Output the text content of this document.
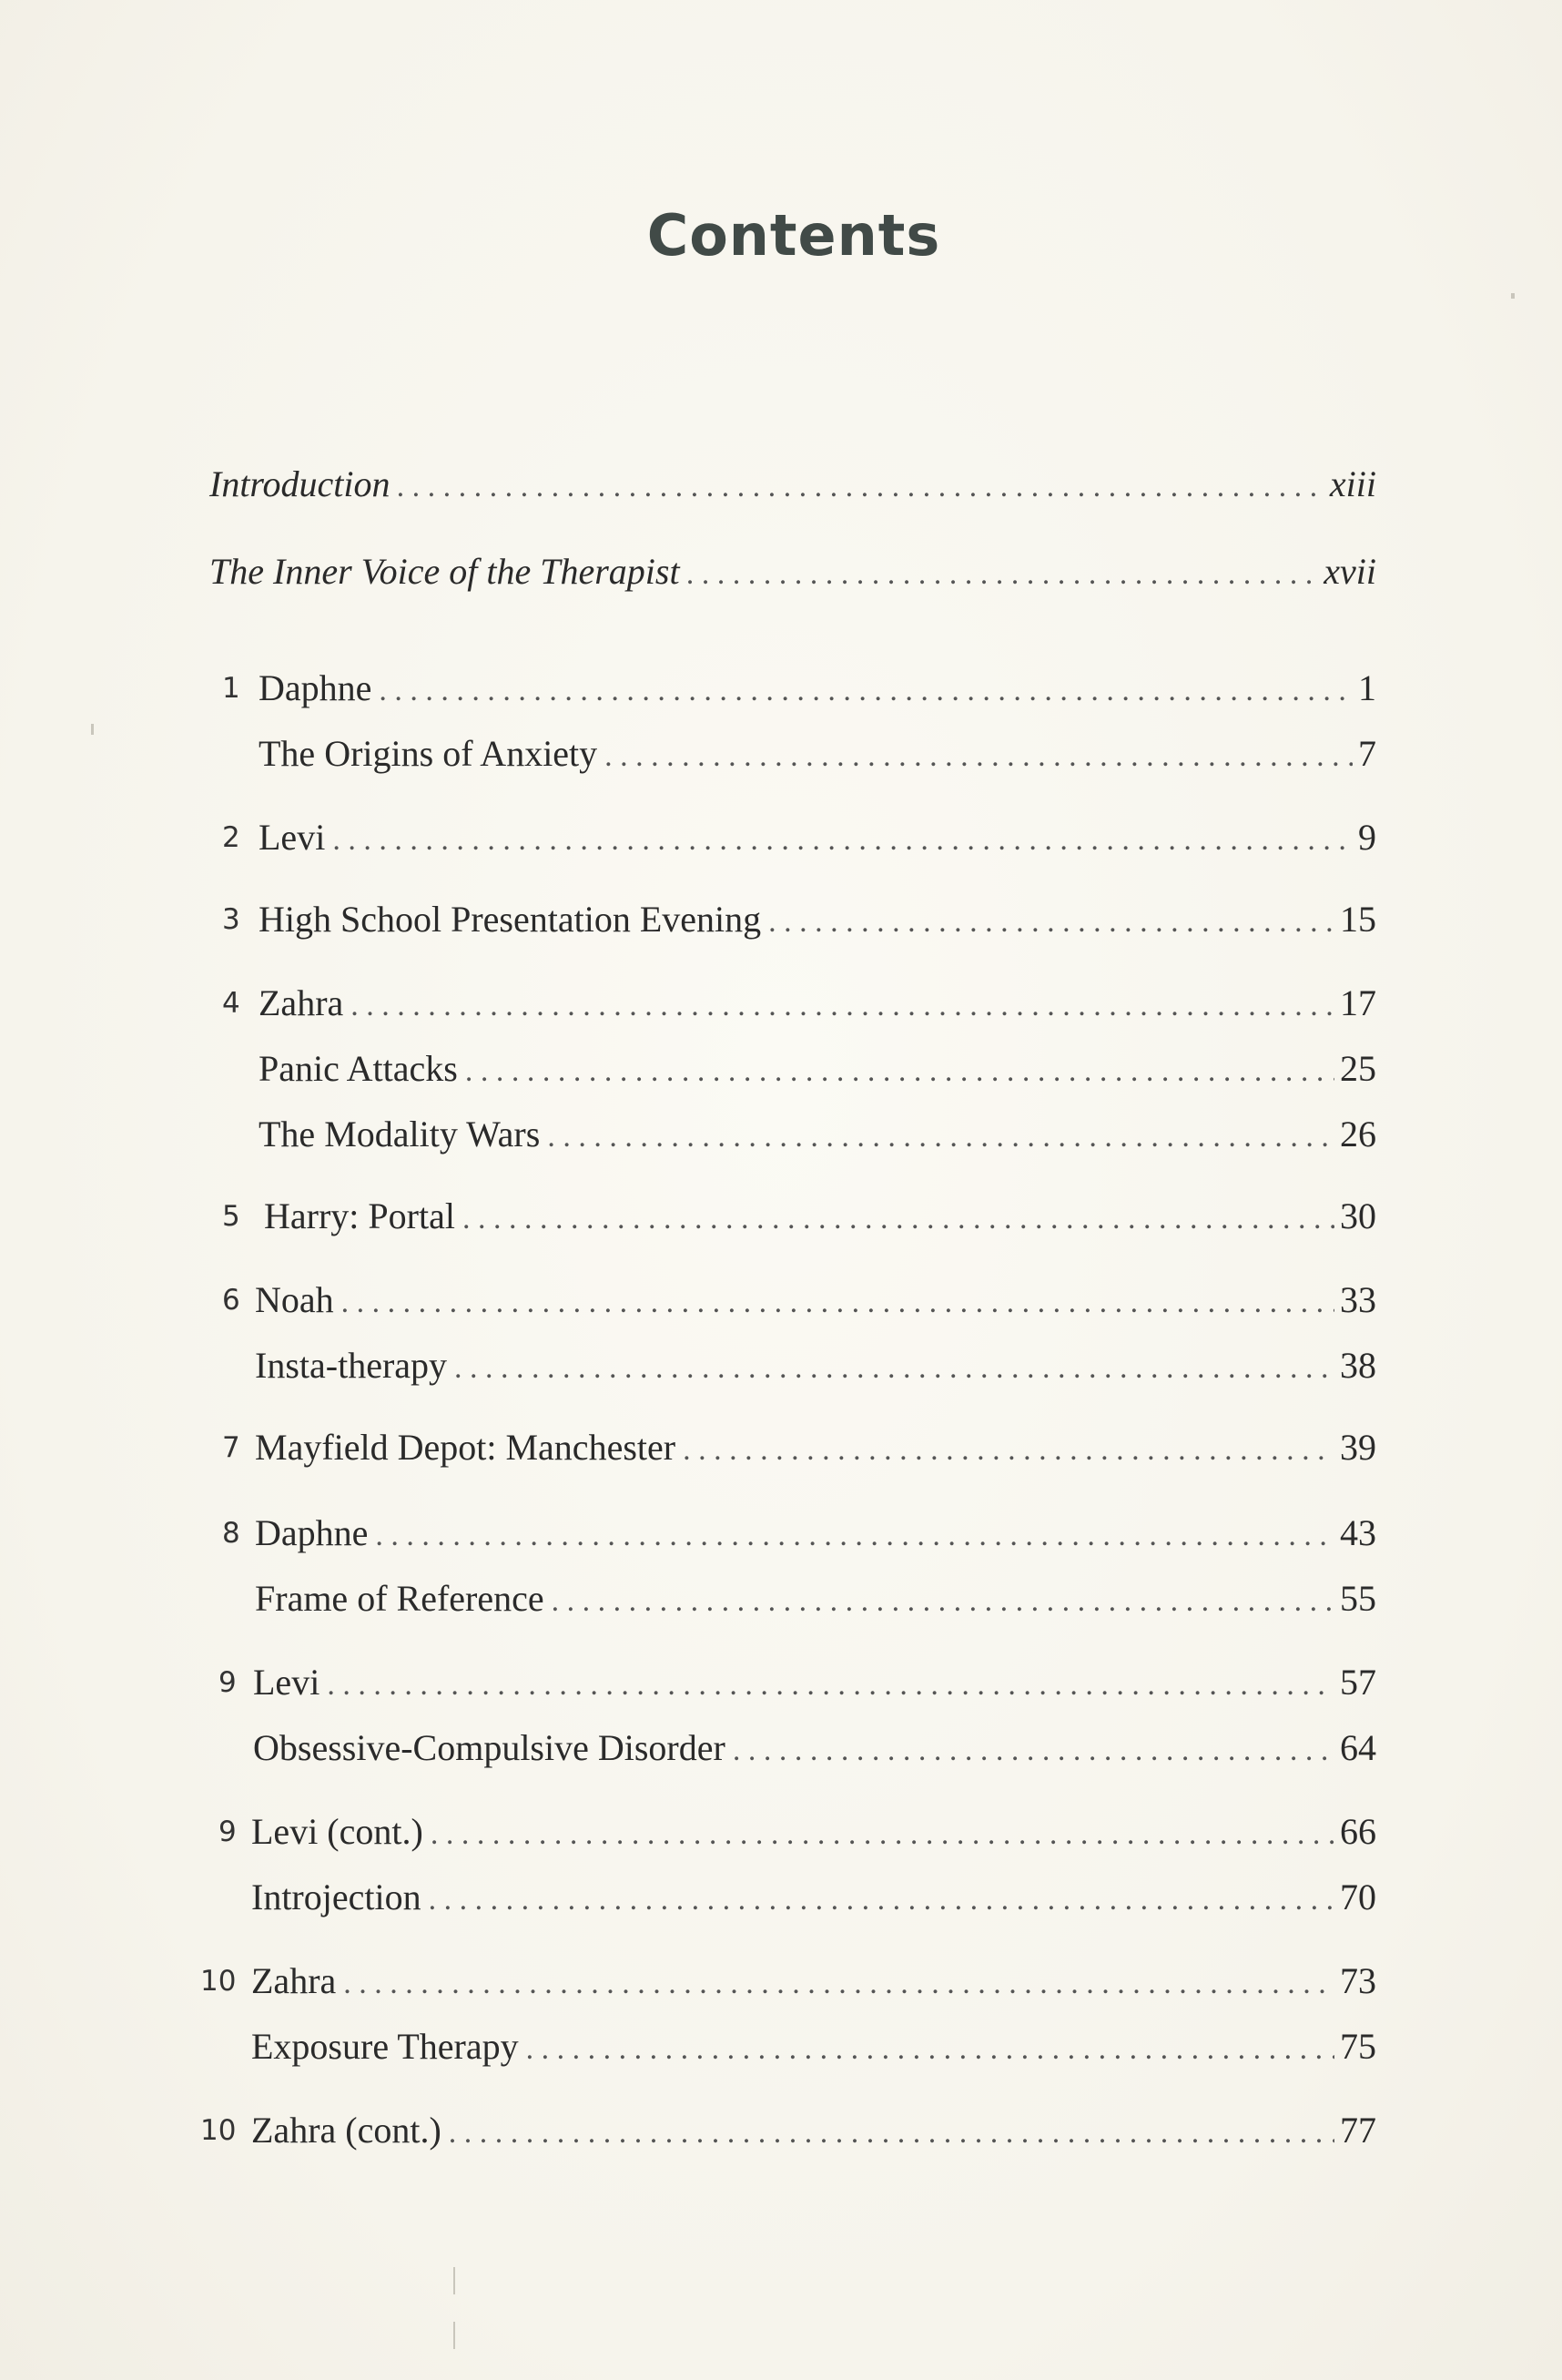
Contents
Introduction . . .	xiii
The Inner Voice of the Therapist . . .	xvii
1 Daphne . . .	1
The Origins of Anxiety . . .	7
2 Levi . . .	9
3 High School Presentation Evening . . .	15
4 Zahra . . .	17
Panic Attacks . . .	25
The Modality Wars . . .	26
5 Harry: Portal . . .	30
6 Noah . . .	33
Insta-therapy . . .	38
7 Mayfield Depot: Manchester . . .	39
8 Daphne . . .	43
Frame of Reference . . .	55
9 Levi . . .	57
Obsessive-Compulsive Disorder . . .	64
9 Levi (cont.) . . .	66
Introjection . . .	70
10 Zahra . . .	73
Exposure Therapy . . .	75
10 Zahra (cont.) . . .	77
